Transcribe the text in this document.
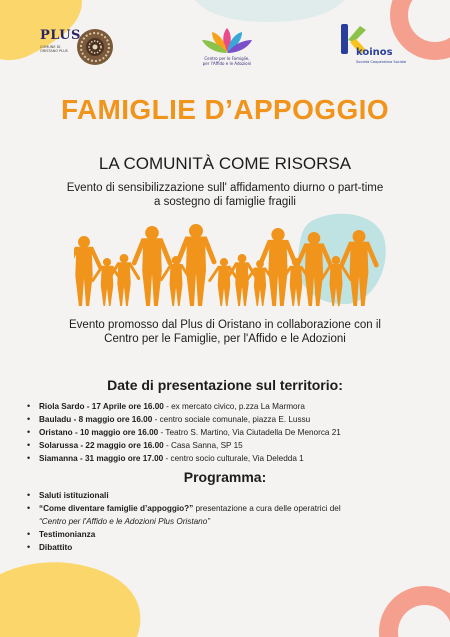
PLUS
COMUNE DI ORISTANO PLUS
Centro per le Famiglie,
per l'Affido e le Adozioni
koinos
Società Cooperativa Sociale
FAMIGLIE D’APPOGGIO
LA COMUNITÀ COME RISORSA
Evento di sensibilizzazione sull' affidamento diurno o part-time
a sostegno di famiglie fragili
Evento promosso dal Plus di Oristano in collaborazione con il
Centro per le Famiglie, per l'Affido e le Adozioni
Date di presentazione sul territorio:
• Riola Sardo - 17 Aprile ore 16.00 - ex mercato civico, p.zza La Marmora
• Bauladu - 8 maggio ore 16.00 - centro sociale comunale, piazza E. Lussu
• Oristano - 10 maggio ore 16.00 - Teatro S. Martino, Via Ciutadella De Menorca 21
• Solarussa - 22 maggio ore 16.00 - Casa Sanna, SP 15
• Siamanna - 31 maggio ore 17.00 - centro socio culturale, Via Deledda 1
Programma:
• Saluti istituzionali
• “Come diventare famiglie d’appoggio?” presentazione a cura delle operatrici del
“Centro per l'Affido e le Adozioni Plus Oristano”
• Testimonianza
• Dibattito
